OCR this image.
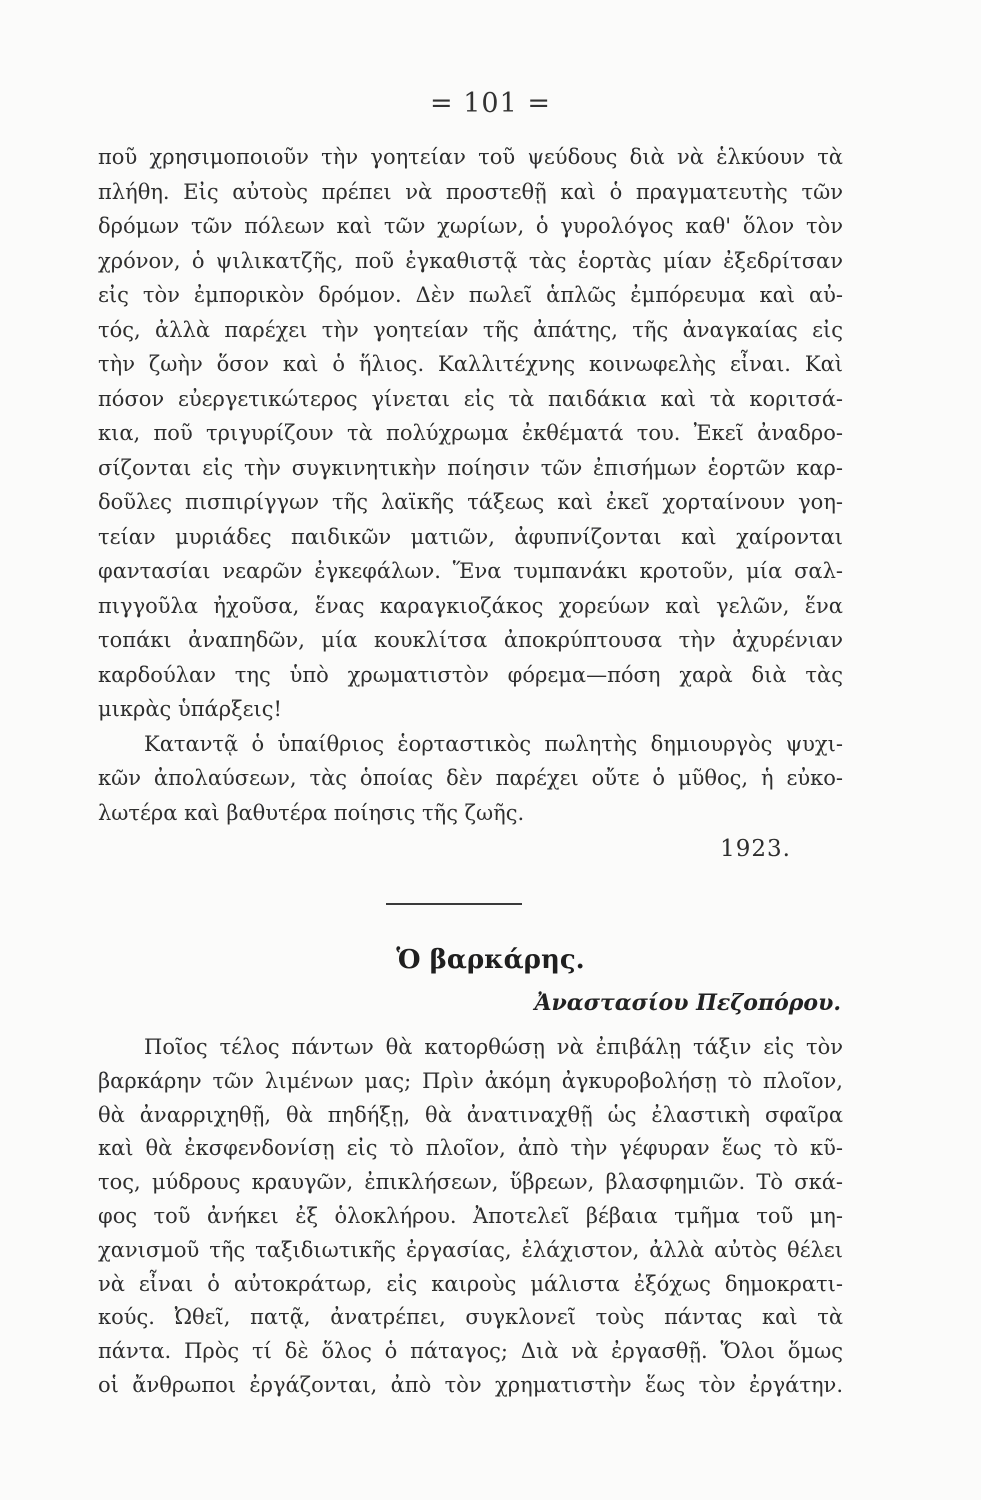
= 101 =
ποῦ χρησιμοποιοῦν τὴν γοητείαν τοῦ ψεύδους διὰ νὰ ἑλκύουν τὰ
πλήθη. Εἰς αὐτοὺς πρέπει νὰ προστεθῇ καὶ ὁ πραγματευτὴς τῶν
δρόμων τῶν πόλεων καὶ τῶν χωρίων, ὁ γυρολόγος καθ' ὅλον τὸν
χρόνον, ὁ ψιλικατζῆς, ποῦ ἐγκαθιστᾷ τὰς ἑορτὰς μίαν ἐξεδρίτσαν
εἰς τὸν ἐμπορικὸν δρόμον. Δὲν πωλεῖ ἁπλῶς ἐμπόρευμα καὶ αὐ-
τός, ἀλλὰ παρέχει τὴν γοητείαν τῆς ἀπάτης, τῆς ἀναγκαίας εἰς
τὴν ζωὴν ὅσον καὶ ὁ ἥλιος. Καλλιτέχνης κοινωφελὴς εἶναι. Καὶ
πόσον εὐεργετικώτερος γίνεται εἰς τὰ παιδάκια καὶ τὰ κοριτσά-
κια, ποῦ τριγυρίζουν τὰ πολύχρωμα ἐκθέματά του. Ἐκεῖ ἀναδρο-
σίζονται εἰς τὴν συγκινητικὴν ποίησιν τῶν ἐπισήμων ἑορτῶν καρ-
δοῦλες πισπιρίγγων τῆς λαϊκῆς τάξεως καὶ ἐκεῖ χορταίνουν γοη-
τείαν μυριάδες παιδικῶν ματιῶν, ἀφυπνίζονται καὶ χαίρονται
φαντασίαι νεαρῶν ἐγκεφάλων. Ἕνα τυμπανάκι κροτοῦν, μία σαλ-
πιγγοῦλα ἠχοῦσα, ἕνας καραγκιοζάκος χορεύων καὶ γελῶν, ἕνα
τοπάκι ἀναπηδῶν, μία κουκλίτσα ἀποκρύπτουσα τὴν ἀχυρένιαν
καρδούλαν της ὑπὸ χρωματιστὸν φόρεμα—πόση χαρὰ διὰ τὰς
μικρὰς ὑπάρξεις!
Καταντᾷ ὁ ὑπαίθριος ἑορταστικὸς πωλητὴς δημιουργὸς ψυχι-
κῶν ἀπολαύσεων, τὰς ὁποίας δὲν παρέχει οὔτε ὁ μῦθος, ἡ εὐκο-
λωτέρα καὶ βαθυτέρα ποίησις τῆς ζωῆς.
1923.
Ὁ βαρκάρης.
Ἀναστασίου Πεζοπόρου.
Ποῖος τέλος πάντων θὰ κατορθώσῃ νὰ ἐπιβάλῃ τάξιν εἰς τὸν
βαρκάρην τῶν λιμένων μας; Πρὶν ἀκόμη ἀγκυροβολήσῃ τὸ πλοῖον,
θὰ ἀναρριχηθῇ, θὰ πηδήξῃ, θὰ ἀνατιναχθῇ ὡς ἐλαστικὴ σφαῖρα
καὶ θὰ ἐκσφενδονίσῃ εἰς τὸ πλοῖον, ἀπὸ τὴν γέφυραν ἕως τὸ κῦ-
τος, μύδρους κραυγῶν, ἐπικλήσεων, ὕβρεων, βλασφημιῶν. Τὸ σκά-
φος τοῦ ἀνήκει ἐξ ὁλοκλήρου. Ἀποτελεῖ βέβαια τμῆμα τοῦ μη-
χανισμοῦ τῆς ταξιδιωτικῆς ἐργασίας, ἐλάχιστον, ἀλλὰ αὐτὸς θέλει
νὰ εἶναι ὁ αὐτοκράτωρ, εἰς καιροὺς μάλιστα ἐξόχως δημοκρατι-
κούς. Ὠθεῖ, πατᾷ, ἀνατρέπει, συγκλονεῖ τοὺς πάντας καὶ τὰ
πάντα. Πρὸς τί δὲ ὅλος ὁ πάταγος; Διὰ νὰ ἐργασθῇ. Ὅλοι ὅμως
οἱ ἄνθρωποι ἐργάζονται, ἀπὸ τὸν χρηματιστὴν ἕως τὸν ἐργάτην.
